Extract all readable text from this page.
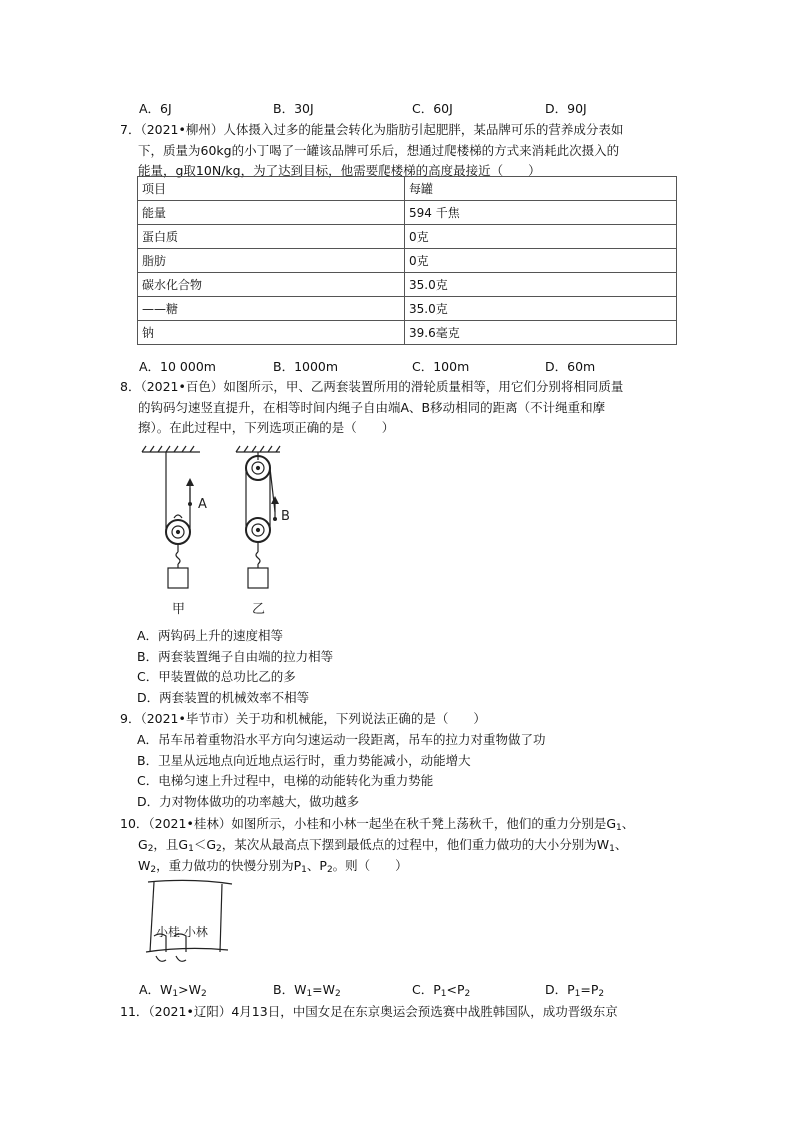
A．6J	B．30J	C．60J	D．90J
7．（2021•柳州）人体摄入过多的能量会转化为脂肪引起肥胖，某品牌可乐的营养成分表如
下，质量为60kg的小丁喝了一罐该品牌可乐后，想通过爬楼梯的方式来消耗此次摄入的
能量，g取10N/kg，为了达到目标，他需要爬楼梯的高度最接近（　　）
项目	每罐
能量	594 千焦
蛋白质	0克
脂肪	0克
碳水化合物	35.0克
——糖	35.0克
钠	39.6毫克
A．10 000m	B．1000m	C．100m	D．60m
8．（2021•百色）如图所示，甲、乙两套装置所用的滑轮质量相等，用它们分别将相同质量
的钩码匀速竖直提升，在相等时间内绳子自由端A、B移动相同的距离（不计绳重和摩
擦）。在此过程中，下列选项正确的是（　　）
A
B
甲	乙
A．两钩码上升的速度相等
B．两套装置绳子自由端的拉力相等
C．甲装置做的总功比乙的多
D．两套装置的机械效率不相等
9．（2021•毕节市）关于功和机械能，下列说法正确的是（　　）
A．吊车吊着重物沿水平方向匀速运动一段距离，吊车的拉力对重物做了功
B．卫星从远地点向近地点运行时，重力势能减小，动能增大
C．电梯匀速上升过程中，电梯的动能转化为重力势能
D．力对物体做功的功率越大，做功越多
10．（2021•桂林）如图所示，小桂和小林一起坐在秋千凳上荡秋千，他们的重力分别是$G_1$、
$G_2$，且$G_1<G_2$，某次从最高点下摆到最低点的过程中，他们重力做功的大小分别为$W_1$、
$W_2$，重力做功的快慢分别为$P_1$、$P_2$。则（　　）
小桂 小林
A．$W_1>W_2$	B．$W_1=W_2$	C．$P_1<P_2$	D．$P_1=P_2$
11．（2021•辽阳）4月13日，中国女足在东京奥运会预选赛中战胜韩国队，成功晋级东京
